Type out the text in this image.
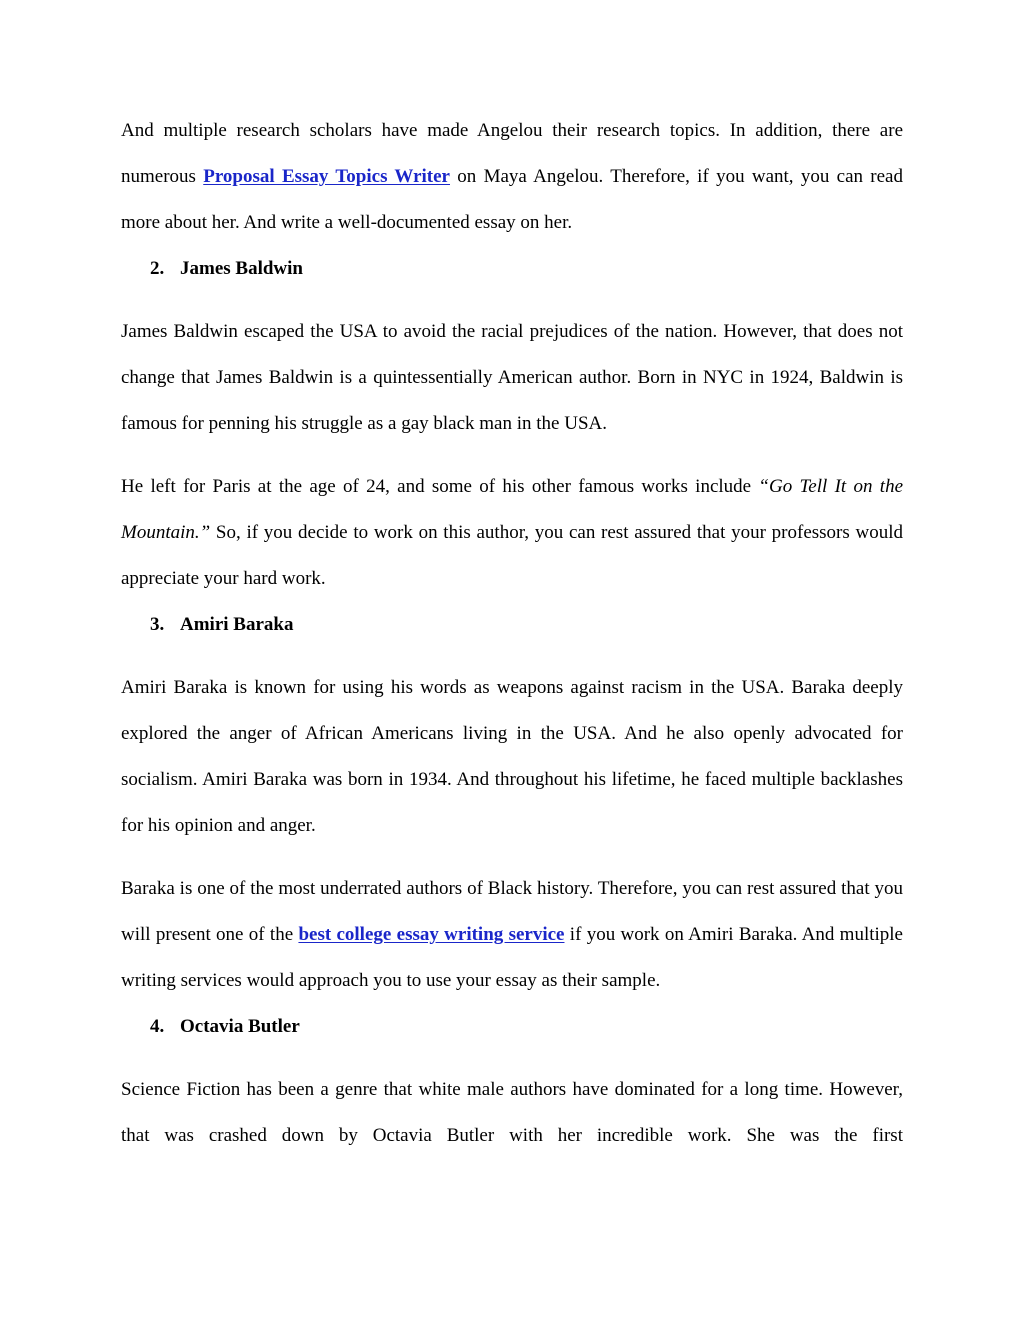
And multiple research scholars have made Angelou their research topics. In addition, there are numerous Proposal Essay Topics Writer on Maya Angelou. Therefore, if you want, you can read more about her. And write a well-documented essay on her.

2. James Baldwin

James Baldwin escaped the USA to avoid the racial prejudices of the nation. However, that does not change that James Baldwin is a quintessentially American author. Born in NYC in 1924, Baldwin is famous for penning his struggle as a gay black man in the USA.

He left for Paris at the age of 24, and some of his other famous works include “Go Tell It on the Mountain.” So, if you decide to work on this author, you can rest assured that your professors would appreciate your hard work.

3. Amiri Baraka

Amiri Baraka is known for using his words as weapons against racism in the USA. Baraka deeply explored the anger of African Americans living in the USA. And he also openly advocated for socialism. Amiri Baraka was born in 1934. And throughout his lifetime, he faced multiple backlashes for his opinion and anger.

Baraka is one of the most underrated authors of Black history. Therefore, you can rest assured that you will present one of the best college essay writing service if you work on Amiri Baraka. And multiple writing services would approach you to use your essay as their sample.

4. Octavia Butler

Science Fiction has been a genre that white male authors have dominated for a long time. However, that was crashed down by Octavia Butler with her incredible work. She was the first
